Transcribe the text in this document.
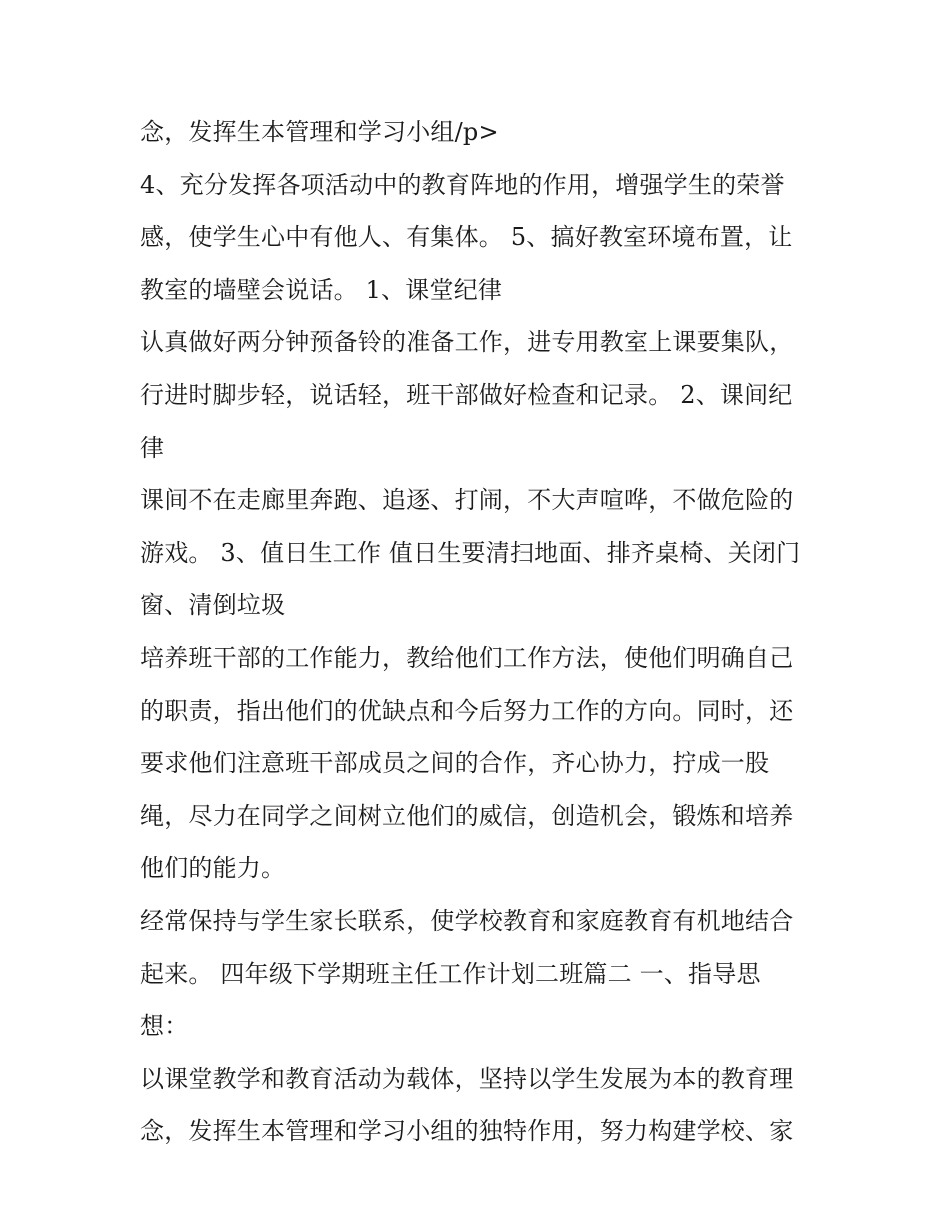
念，发挥生本管理和学习小组/p>

4、充分发挥各项活动中的教育阵地的作用，增强学生的荣誉

感，使学生心中有他人、有集体。 5、搞好教室环境布置，让

教室的墙壁会说话。 1、课堂纪律

认真做好两分钟预备铃的准备工作，进专用教室上课要集队，

行进时脚步轻，说话轻，班干部做好检查和记录。 2、课间纪

律

课间不在走廊里奔跑、追逐、打闹，不大声喧哗，不做危险的

游戏。 3、值日生工作 值日生要清扫地面、排齐桌椅、关闭门

窗、清倒垃圾

培养班干部的工作能力，教给他们工作方法，使他们明确自己

的职责，指出他们的优缺点和今后努力工作的方向。同时，还

要求他们注意班干部成员之间的合作，齐心协力，拧成一股

绳，尽力在同学之间树立他们的威信，创造机会，锻炼和培养

他们的能力。

经常保持与学生家长联系，使学校教育和家庭教育有机地结合

起来。 四年级下学期班主任工作计划二班篇二 一、指导思

想：

以课堂教学和教育活动为载体，坚持以学生发展为本的教育理

念，发挥生本管理和学习小组的独特作用，努力构建学校、家
